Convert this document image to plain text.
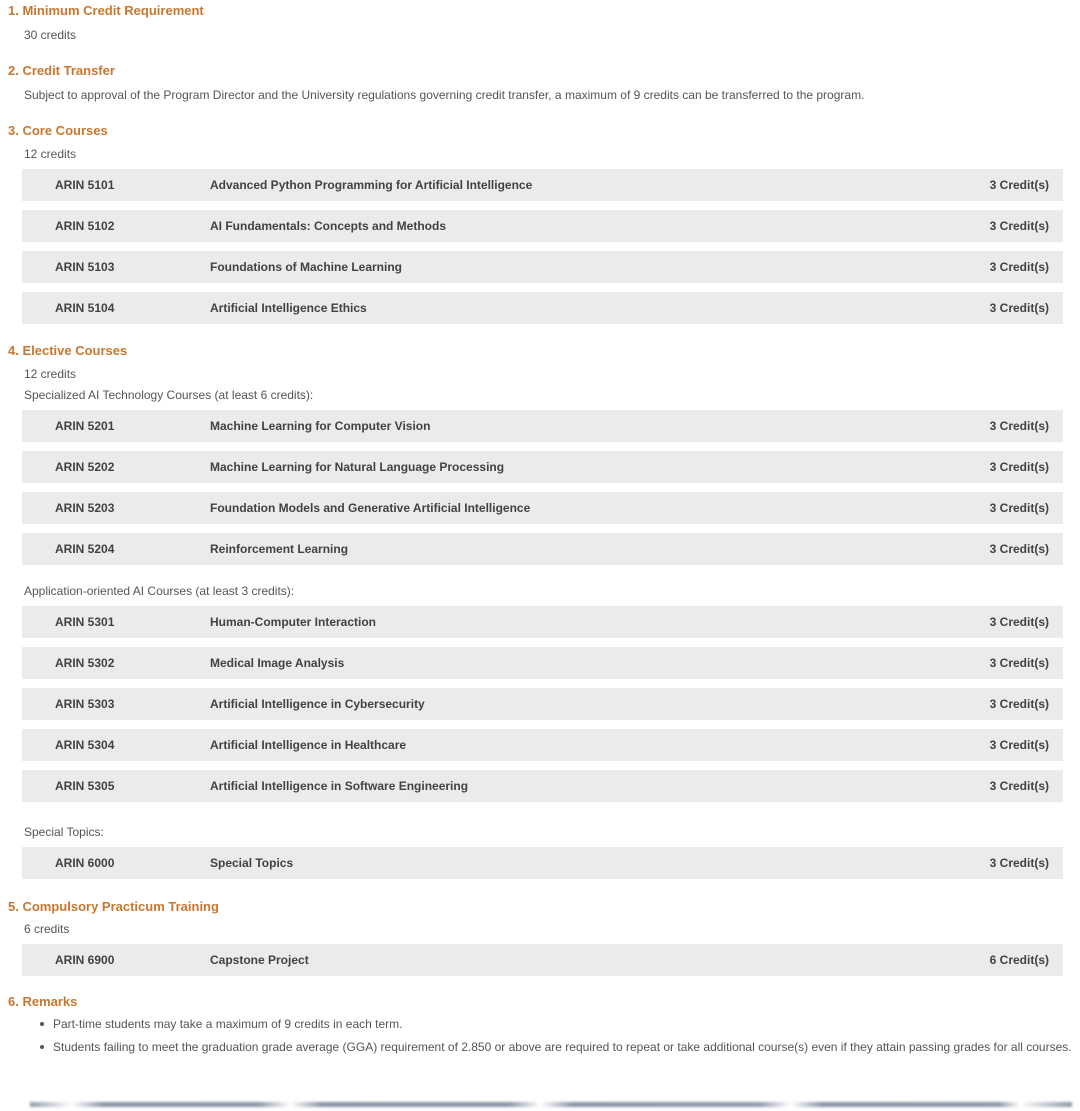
1. Minimum Credit Requirement
30 credits
2. Credit Transfer
Subject to approval of the Program Director and the University regulations governing credit transfer, a maximum of 9 credits can be transferred to the program.
3. Core Courses
12 credits
ARIN 5101	Advanced Python Programming for Artificial Intelligence	3 Credit(s)
ARIN 5102	AI Fundamentals: Concepts and Methods	3 Credit(s)
ARIN 5103	Foundations of Machine Learning	3 Credit(s)
ARIN 5104	Artificial Intelligence Ethics	3 Credit(s)
4. Elective Courses
12 credits
Specialized AI Technology Courses (at least 6 credits):
ARIN 5201	Machine Learning for Computer Vision	3 Credit(s)
ARIN 5202	Machine Learning for Natural Language Processing	3 Credit(s)
ARIN 5203	Foundation Models and Generative Artificial Intelligence	3 Credit(s)
ARIN 5204	Reinforcement Learning	3 Credit(s)
Application-oriented AI Courses (at least 3 credits):
ARIN 5301	Human-Computer Interaction	3 Credit(s)
ARIN 5302	Medical Image Analysis	3 Credit(s)
ARIN 5303	Artificial Intelligence in Cybersecurity	3 Credit(s)
ARIN 5304	Artificial Intelligence in Healthcare	3 Credit(s)
ARIN 5305	Artificial Intelligence in Software Engineering	3 Credit(s)
Special Topics:
ARIN 6000	Special Topics	3 Credit(s)
5. Compulsory Practicum Training
6 credits
ARIN 6900	Capstone Project	6 Credit(s)
6. Remarks
Part-time students may take a maximum of 9 credits in each term.
Students failing to meet the graduation grade average (GGA) requirement of 2.850 or above are required to repeat or take additional course(s) even if they attain passing grades for all courses.
